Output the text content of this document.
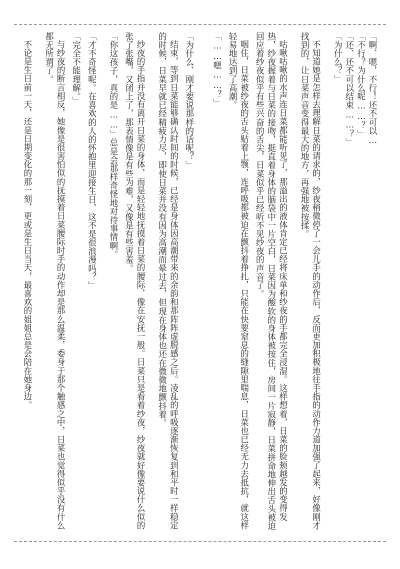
「啊、嗯，不行！还不可以…
「不行？为什么呢……？」
「还、还不可以结束……？」

「为什么？」

不知道她是怎样去理解日菜的请求的，纱夜稍微停了一会儿手的动作后，反而更加积极地往手指的动作力道加强了起来，好像刚才找到的，让日菜声音变得最大的地方，再强地被按揉。

咕啾咕啾的水声连日菜都能听见了，那溢出的液体肯定已经将床单和纱夜的手都完全浸湿。这样想着，日菜的脸颊越发的变得发热，纱夜握着与日菜的接吻，挺直着身体的脑袋中一片空白，日菜因为酸软的身体被按住，房间一片寂静，日菜拼命地伸出舌头被迫回应着纱夜似乎有些兴奋的舌尖，日菜似乎已经听不见纱夜的声音了。

咽住，日菜被纱夜的舌头贴着上颚，连呼吸都被迫在颤抖着挣扎，只能在快要窒息的缝隙里喘息，日菜也已经无力去抵抗，就这样轻易地达到了高潮。

「……嗯……？」

「为什么、刚才要说那样的话呢？」

结束，等到日菜能够确认时间的时候，已经是身体因高潮带来的余韵和那阵阵虚脱感之后。凌乱的呼吸逐渐恢复到和平时一样稳定的时候，日菜早就已经精疲力尽，即使日菜并没有因为高潮而晕过去，但现在身体也还在微微地颤抖着。

纱夜的手指并没有离开日菜的身体，而是轻轻地抚摸着日菜的腰际，像在安抚一般。日菜只是看着纱夜，纱夜就好像要说什么似的张了张嘴，又闭上了，那表情像是有些为难，又像是有些害羞。

「你这孩子，真的是……」总是会那样奇怪地对待事情啊。

「才不奇怪呢。在喜欢的人的怀抱里迎接生日，这不是很浪漫吗？」

「完全不能理解。」

与纱夜的断言相反，她像是很害怕似的抚摸着日菜腰际时手的动作却是那么温柔，委身于那个触感之中，日菜也觉得似乎没有什么都无所谓了。

不论是生日前一天，还是日期变化的那一刻，更或是生日当天，最喜欢的姐姐总是会陪在她身边。
